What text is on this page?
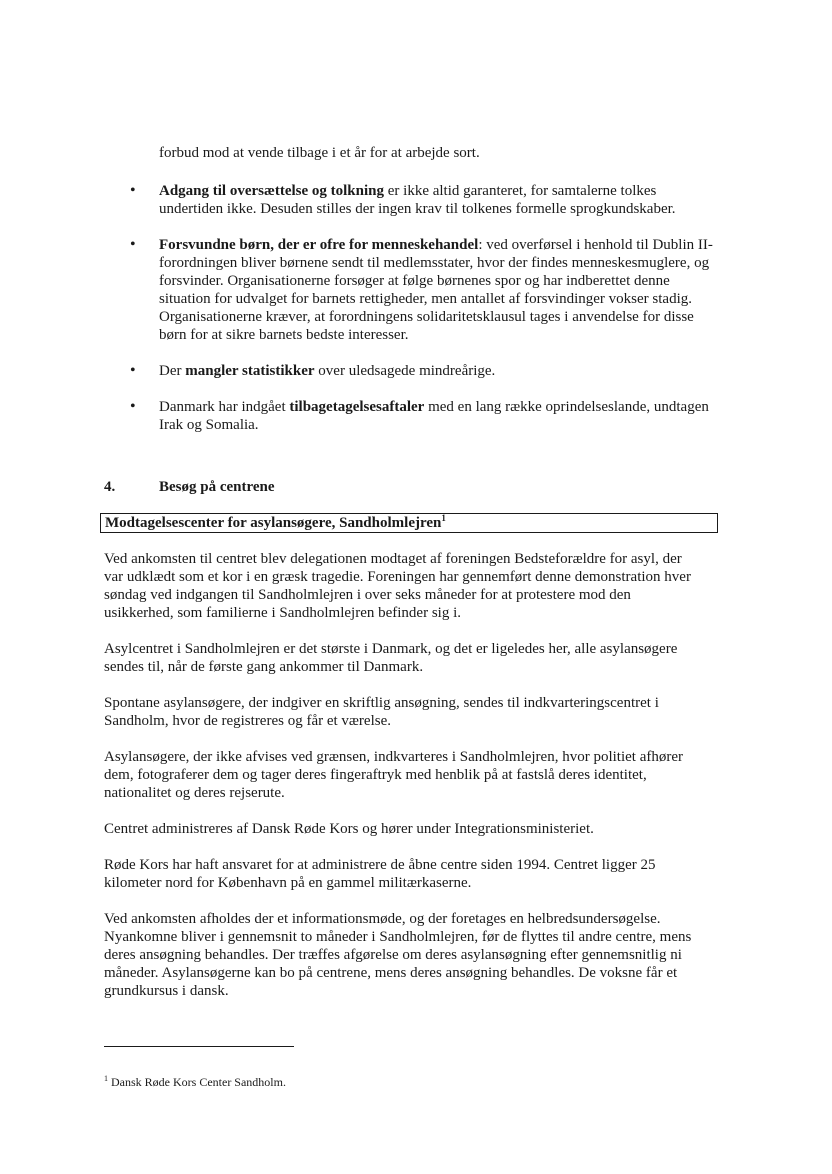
forbud mod at vende tilbage i et år for at arbejde sort.
• Adgang til oversættelse og tolkning er ikke altid garanteret, for samtalerne tolkes undertiden ikke. Desuden stilles der ingen krav til tolkenes formelle sprogkundskaber.
• Forsvundne børn, der er ofre for menneskehandel: ved overførsel i henhold til Dublin II-forordningen bliver børnene sendt til medlemsstater, hvor der findes menneskesmuglere, og forsvinder. Organisationerne forsøger at følge børnenes spor og har indberettet denne situation for udvalget for barnets rettigheder, men antallet af forsvindinger vokser stadig. Organisationerne kræver, at forordningens solidaritetsklausul tages i anvendelse for disse børn for at sikre barnets bedste interesser.
• Der mangler statistikker over uledsagede mindreårige.
• Danmark har indgået tilbagetagelsesaftaler med en lang række oprindelseslande, undtagen Irak og Somalia.
4.	Besøg på centrene
Modtagelsescenter for asylansøgere, Sandholmlejren$^1$

Ved ankomsten til centret blev delegationen modtaget af foreningen Bedsteforældre for asyl, der var udklædt som et kor i en græsk tragedie. Foreningen har gennemført denne demonstration hver søndag ved indgangen til Sandholmlejren i over seks måneder for at protestere mod den usikkerhed, som familierne i Sandholmlejren befinder sig i.

Asylcentret i Sandholmlejren er det største i Danmark, og det er ligeledes her, alle asylansøgere sendes til, når de første gang ankommer til Danmark.

Spontane asylansøgere, der indgiver en skriftlig ansøgning, sendes til indkvarteringscentret i Sandholm, hvor de registreres og får et værelse.

Asylansøgere, der ikke afvises ved grænsen, indkvarteres i Sandholmlejren, hvor politiet afhører dem, fotograferer dem og tager deres fingeraftryk med henblik på at fastslå deres identitet, nationalitet og deres rejserute.

Centret administreres af Dansk Røde Kors og hører under Integrationsministeriet.

Røde Kors har haft ansvaret for at administrere de åbne centre siden 1994. Centret ligger 25 kilometer nord for København på en gammel militærkaserne.

Ved ankomsten afholdes der et informationsmøde, og der foretages en helbredsundersøgelse. Nyankomne bliver i gennemsnit to måneder i Sandholmlejren, før de flyttes til andre centre, mens deres ansøgning behandles. Der træffes afgørelse om deres asylansøgning efter gennemsnitlig ni måneder. Asylansøgerne kan bo på centrene, mens deres ansøgning behandles. De voksne får et grundkursus i dansk.

$^1$ Dansk Røde Kors Center Sandholm.
